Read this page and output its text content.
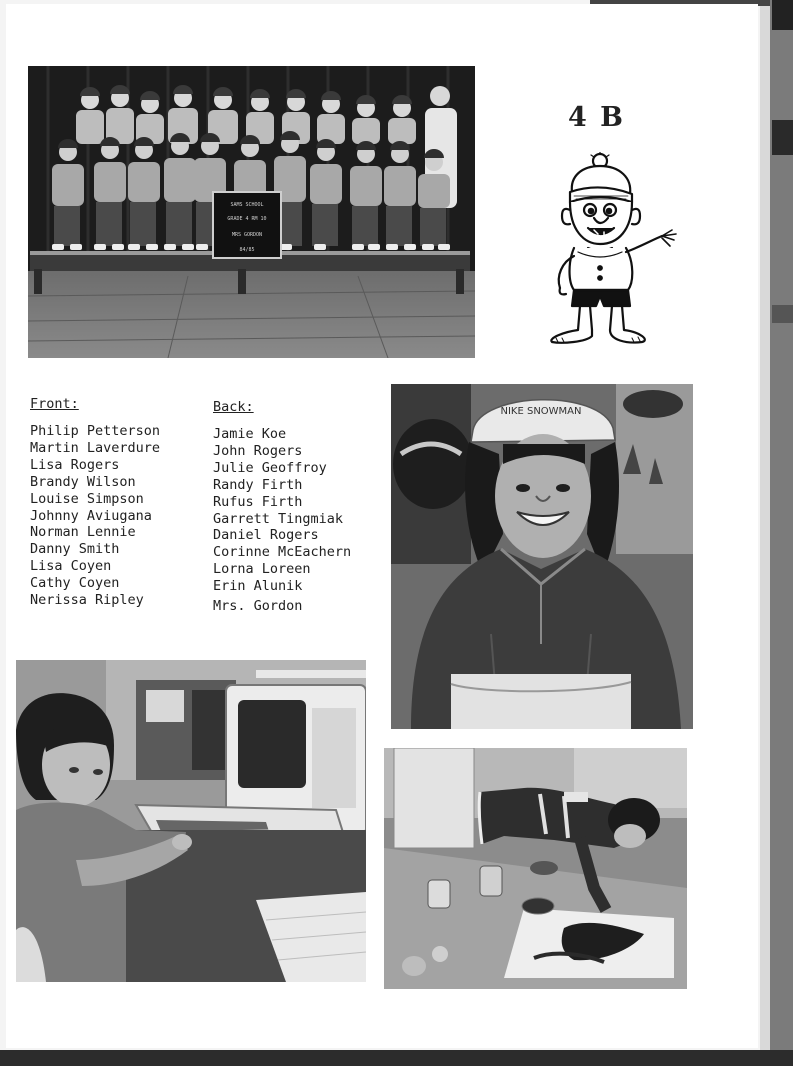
SAMS SCHOOL
GRADE 4 RM 10
MRS GORDON
84/85
4 B
Front:
Philip Petterson
Martin Laverdure
Lisa Rogers
Brandy Wilson
Louise Simpson
Johnny Aviugana
Norman Lennie
Danny Smith
Lisa Coyen
Cathy Coyen
Nerissa Ripley
Back:
Jamie Koe
John Rogers
Julie Geoffroy
Randy Firth
Rufus Firth
Garrett Tingmiak
Daniel Rogers
Corinne McEachern
Lorna Loreen
Erin Alunik
Mrs. Gordon
NIKE SNOWMAN
